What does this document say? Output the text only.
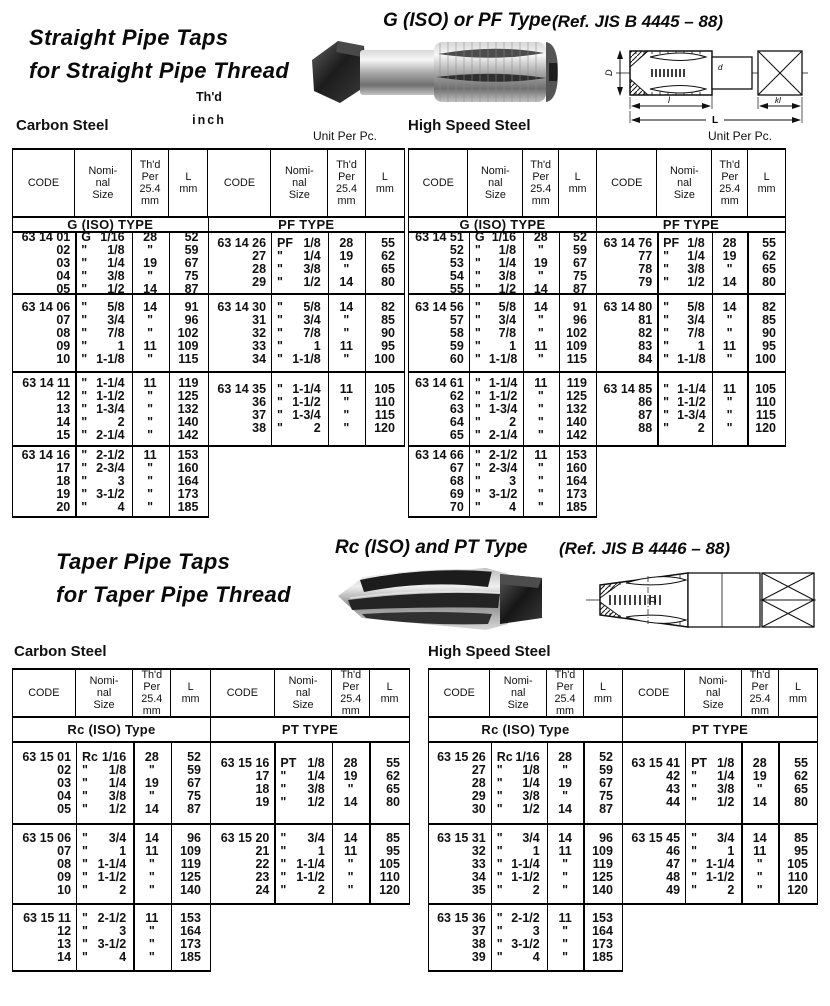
Straight Pipe Taps
for Straight Pipe Thread
G (ISO) or PF Type (Ref. JIS B 4445 – 88)
D
d
l	kl
L
Carbon Steel
Th'd
inch
Unit Per Pc.
High Speed Steel
Unit Per Pc.
CODE
Nomi-
nal
Size
Th'd
Per
25.4
mm
L
mm
G (ISO) TYPE
63 14 01 G 1/16	28	52
02 "	1/8	"	59
03 "	1/4	19	67
04 "	3/8	"	75
05 "	1/2	14	87
63 14 06 "	5/8	14	91
07 "	3/4	"	96
08 "	7/8	"	102
09 "	1	11	109
10 " 1-1/8	"	115
63 14 11 " 1-1/4	11	119
12 " 1-1/2	"	125
13 " 1-3/4	"	132
14 "	2	"	140
15 " 2-1/4	"	142
63 14 16 " 2-1/2	11	153
17 " 2-3/4	"	160
18 "	3	"	164
19 " 3-1/2	"	173
20 "	4	"	185
CODE
Nomi-
nal
Size
Th'd
Per
25.4
mm
L
mm
PF TYPE
63 14 26 PF 1/8	28	55
27 "	1/4	19	62
28 "	3/8	"	65
29 "	1/2	14	80
63 14 30 "	5/8	14	82
31 "	3/4	"	85
32 "	7/8	"	90
33 "	1	11	95
34 " 1-1/8	"	100
63 14 35 " 1-1/4	11	105
36 " 1-1/2	"	110
37 " 1-3/4	"	115
38 "	2	"	120
CODE
Nomi-
nal
Size
Th'd
Per
25.4
mm
L
mm
G (ISO) TYPE
63 14 51 G 1/16	28	52
52 "	1/8	"	59
53 "	1/4	19	67
54 "	3/8	"	75
55 "	1/2	14	87
63 14 56 "	5/8	14	91
57 "	3/4	"	96
58 "	7/8	"	102
59 "	1	11	109
60 " 1-1/8	"	115
63 14 61 " 1-1/4	11	119
62 " 1-1/2	"	125
63 " 1-3/4	"	132
64 "	2	"	140
65 " 2-1/4	"	142
63 14 66 " 2-1/2	11	153
67 " 2-3/4	"	160
68 "	3	"	164
69 " 3-1/2	"	173
70 "	4	"	185
CODE
Nomi-
nal
Size
Th'd
Per
25.4
mm
L
mm
PF TYPE
63 14 76 PF 1/8	28	55
77 "	1/4	19	62
78 "	3/8	"	65
79 "	1/2	14	80
63 14 80 "	5/8	14	82
81 "	3/4	"	85
82 "	7/8	"	90
83 "	1	11	95
84 " 1-1/8	"	100
63 14 85 " 1-1/4	11	105
86 " 1-1/2	"	110
87 " 1-3/4	"	115
88 "	2	"	120
Taper Pipe Taps
for Taper Pipe Thread
Rc (ISO) and PT Type (Ref. JIS B 4446 – 88)
D
Carbon Steel	High Speed Steel
CODE
Nomi-
nal
Size
Th'd
Per
25.4
mm
L
mm
Rc (ISO) Type
63 15 01 Rc 1/16	28	52
02 "	1/8	"	59
03 "	1/4	19	67
04 "	3/8	"	75
05 "	1/2	14	87
63 15 06 "	3/4	14	96
07 "	1	11	109
08 " 1-1/4	"	119
09 " 1-1/2	"	125
10 "	2	"	140
63 15 11 " 2-1/2	11	153
12 "	3	"	164
13 " 3-1/2	"	173
14 "	4	"	185
CODE
Nomi-
nal
Size
Th'd
Per
25.4
mm
L
mm
PT TYPE
63 15 16 PT 1/8	28	55
17 "	1/4	19	62
18 "	3/8	"	65
19 "	1/2	14	80
63 15 20 "	3/4	14	85
21 "	1	11	95
22 " 1-1/4	"	105
23 " 1-1/2	"	110
24 "	2	"	120
CODE
Nomi-
nal
Size
Th'd
Per
25.4
mm
L
mm
Rc (ISO) Type
63 15 26 Rc 1/16	28	52
27 "	1/8	"	59
28 "	1/4	19	67
29 "	3/8	"	75
30 "	1/2	14	87
63 15 31 "	3/4	14	96
32 "	1	11	109
33 " 1-1/4	"	119
34 " 1-1/2	"	125
35 "	2	"	140
63 15 36 " 2-1/2	11	153
37 "	3	"	164
38 " 3-1/2	"	173
39 "	4	"	185
CODE
Nomi-
nal
Size
Th'd
Per
25.4
mm
L
mm
PT TYPE
63 15 41 PT 1/8	28	55
42 "	1/4	19	62
43 "	3/8	"	65
44 "	1/2	14	80
63 15 45 "	3/4	14	85
46 "	1	11	95
47 " 1-1/4	"	105
48 " 1-1/2	"	110
49 "	2	"	120
